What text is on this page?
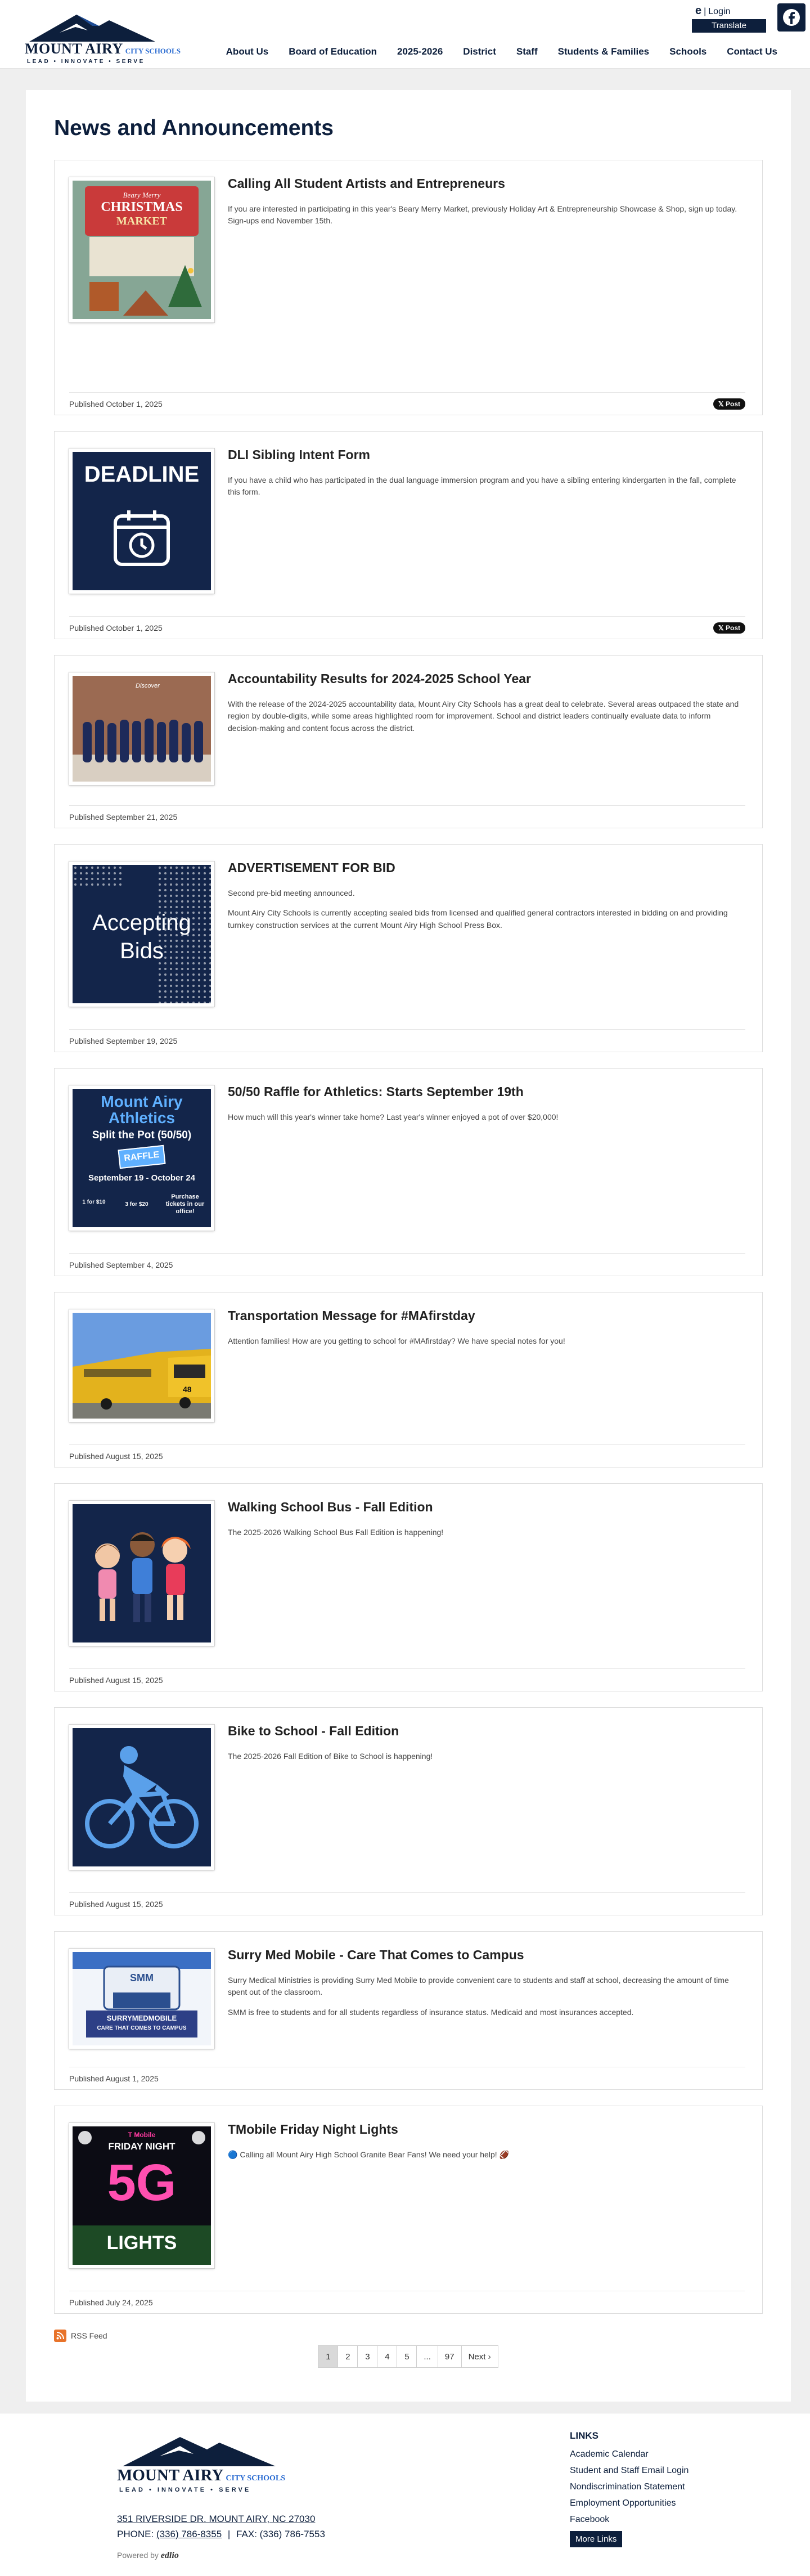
MOUNT AIRY CITY SCHOOLS
LEAD • INNOVATE • SERVE
e | Login
Translate
About Us	Board of Education	2025-2026	District	Staff	Students & Families	Schools	Contact Us
News and Announcements
Beary Merry
CHRISTMAS
MARKET
Calling All Student Artists and Entrepreneurs

If you are interested in participating in this year's Beary Merry Market, previously Holiday Art & Entrepreneurship Showcase & Shop, sign up today. Sign-ups end November 15th.

Published October 1, 2025	𝕏 Post
DEADLINE
DLI Sibling Intent Form

If you have a child who has participated in the dual language immersion program and you have a sibling entering kindergarten in the fall, complete this form.

Published October 1, 2025	𝕏 Post
Discover	Accountability Results for 2024-2025 School Year

With the release of the 2024-2025 accountability data, Mount Airy City Schools has a great deal to celebrate. Several areas outpaced the state and region by double-digits, while some areas highlighted room for improvement. School and district leaders continually evaluate data to inform decision-making and content focus across the district.

Published September 21, 2025
Accepting
Bids
ADVERTISEMENT FOR BID

Second pre-bid meeting announced.

Mount Airy City Schools is currently accepting sealed bids from licensed and qualified general contractors interested in bidding on and providing turnkey construction services at the current Mount Airy High School Press Box.

Published September 19, 2025
Mount Airy
Athletics
Split the Pot (50/50)
RAFFLE
September 19 - October 24
1 for $10	3 for $20
Purchase tickets in our office!
50/50 Raffle for Athletics: Starts September 19th

How much will this year's winner take home? Last year's winner enjoyed a pot of over $20,000!

Published September 4, 2025
48
Transportation Message for #MAfirstday

Attention families! How are you getting to school for #MAfirstday? We have special notes for you!

Published August 15, 2025
Walking School Bus - Fall Edition

The 2025-2026 Walking School Bus Fall Edition is happening!

Published August 15, 2025
Bike to School - Fall Edition

The 2025-2026 Fall Edition of Bike to School is happening!

Published August 15, 2025
SMM
SURRYMEDMOBILE
CARE THAT COMES TO CAMPUS
Surry Med Mobile - Care That Comes to Campus

Surry Medical Ministries is providing Surry Med Mobile to provide convenient care to students and staff at school, decreasing the amount of time spent out of the classroom.

SMM is free to students and for all students regardless of insurance status. Medicaid and most insurances accepted.

Published August 1, 2025
T Mobile
FRIDAY NIGHT
5G
LIGHTS
TMobile Friday Night Lights

🔵 Calling all Mount Airy High School Granite Bear Fans! We need your help! 🏈

Published July 24, 2025
RSS Feed
1	2	3	4	5	...	97	Next ›
MOUNT AIRY CITY SCHOOLS
LEAD • INNOVATE • SERVE
351 RIVERSIDE DR. MOUNT AIRY, NC 27030
PHONE: (336) 786-8355 | FAX: (336) 786-7553
Powered by edlio
LINKS
Academic Calendar
Student and Staff Email Login
Nondiscrimination Statement
Employment Opportunities
Facebook
More Links
